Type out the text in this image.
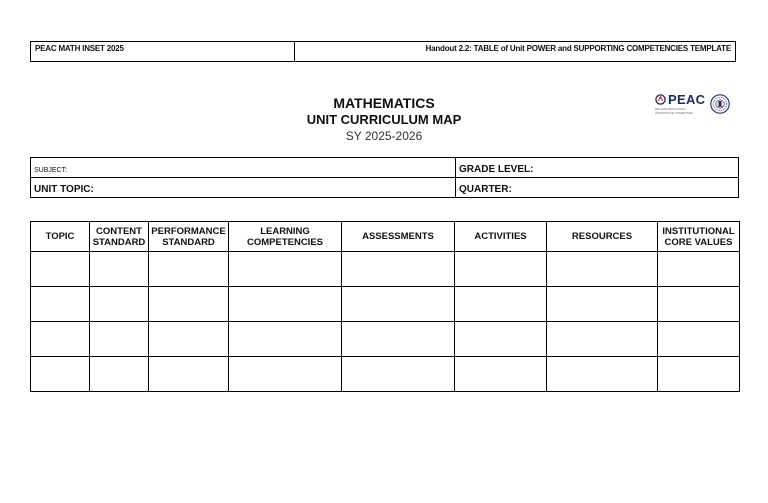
PEAC MATH INSET 2025	Handout 2.2: TABLE of Unit POWER and SUPPORTING COMPETENCIES TEMPLATE
MATHEMATICS
UNIT CURRICULUM MAP
SY 2025-2026
PEAC
PRIVATE EDUCATION ASSISTANCE COMMITTEE
SUBJECT:	GRADE LEVEL:
UNIT TOPIC:	QUARTER:
TOPIC	CONTENT STANDARD	PERFORMANCE STANDARD	LEARNING COMPETENCIES	ASSESSMENTS	ACTIVITIES	RESOURCES	INSTITUTIONAL CORE VALUES
